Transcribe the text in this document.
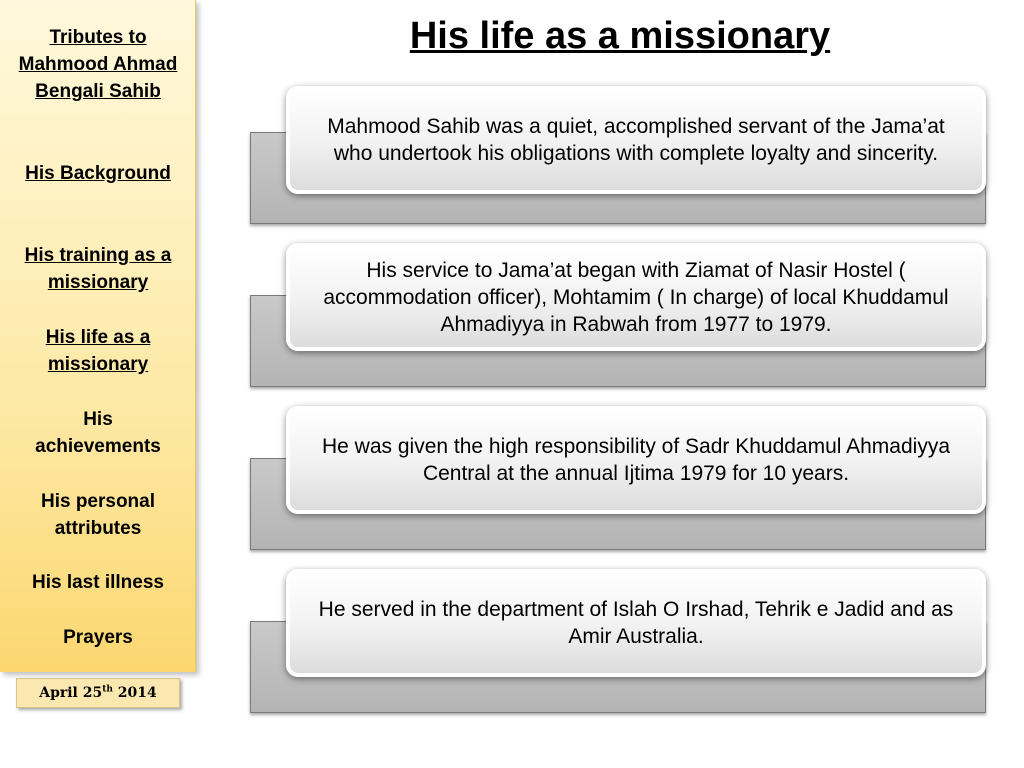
Tributes to Mahmood Ahmad Bengali Sahib
His Background
His training as a missionary
His life as a missionary
His achievements
His personal attributes
His last illness
Prayers
April 25th 2014
His life as a missionary
Mahmood Sahib was a quiet, accomplished servant of the Jama’at who undertook his obligations with complete loyalty and sincerity.
His service to Jama’at began with Ziamat of Nasir Hostel ( accommodation officer), Mohtamim ( In charge) of local Khuddamul Ahmadiyya in Rabwah from 1977 to 1979.
He was given the high responsibility of Sadr Khuddamul Ahmadiyya Central at the annual Ijtima 1979 for 10 years.
He served in the department of Islah O Irshad, Tehrik e Jadid and as Amir Australia.
